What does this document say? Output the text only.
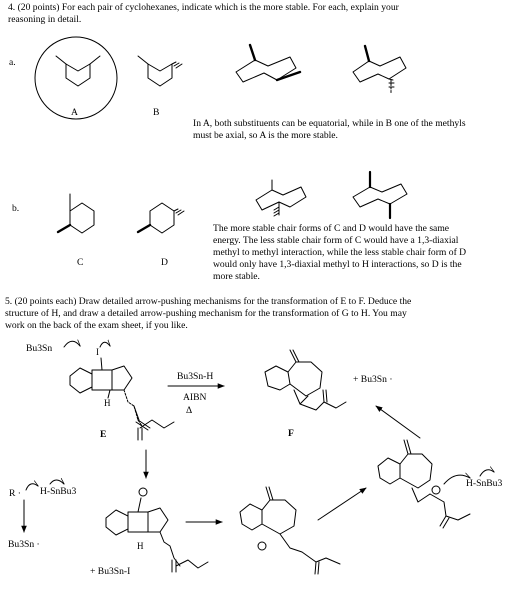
4. (20 points) For each pair of cyclohexanes, indicate which is the more stable. For each, explain your
reasoning in detail.
a.
A	B
In A, both substituents can be equatorial, while in B one of the methyls
must be axial, so A is the more stable.
b.
C	D
The more stable chair forms of C and D would have the same
energy. The less stable chair form of C would have a 1,3-diaxial
methyl to methyl interaction, while the less stable chair form of D
would only have 1,3-diaxial methyl to H interactions, so D is the
more stable.
5. (20 points each) Draw detailed arrow-pushing mechanisms for the transformation of E to F. Deduce the
structure of H, and draw a detailed arrow-pushing mechanism for the transformation of G to H. You may
work on the back of the exam sheet, if you like.
Bu3Sn	I
H
E	F
Bu3Sn-H
AIBN
Δ
+ Bu3Sn ·
R · H-SnBu3
Bu3Sn ·
+ Bu3Sn-I
H
H-SnBu3
